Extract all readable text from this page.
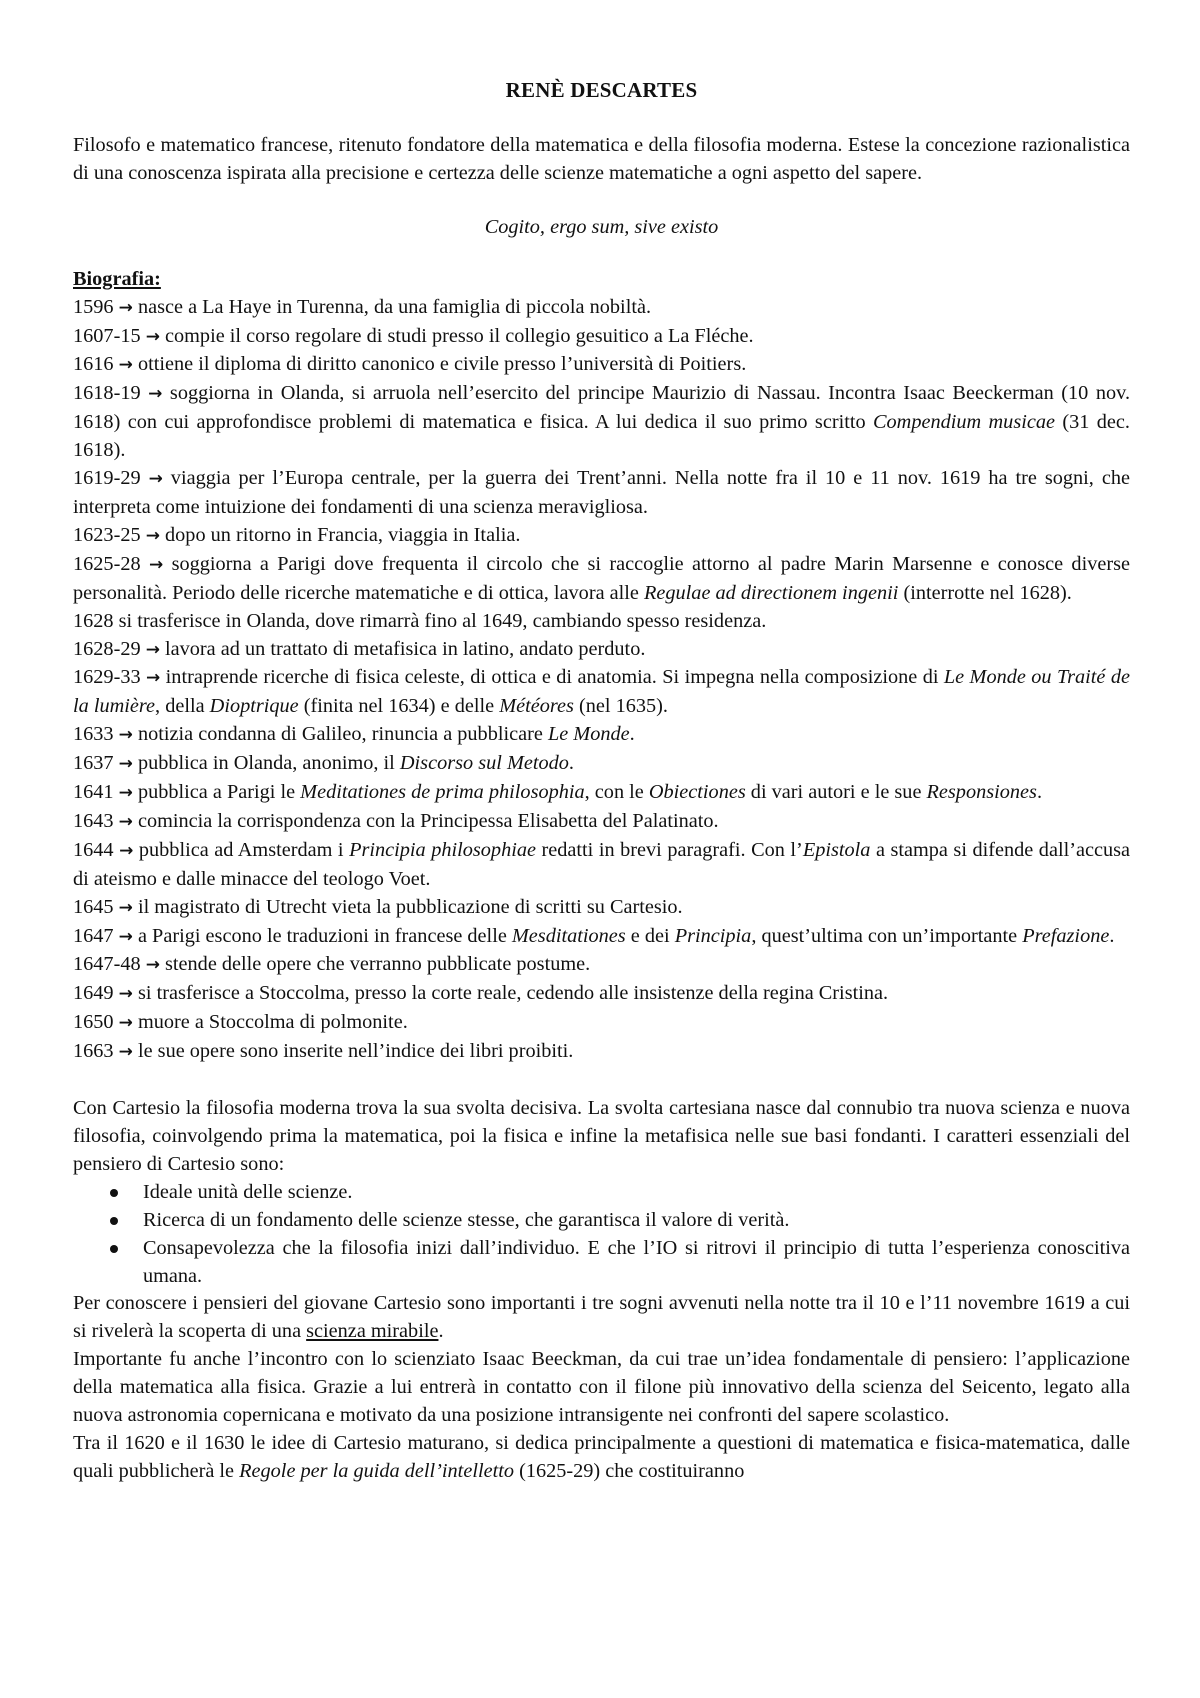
RENÈ DESCARTES

Filosofo e matematico francese, ritenuto fondatore della matematica e della filosofia moderna. Estese la concezione razionalistica di una conoscenza ispirata alla precisione e certezza delle scienze matematiche a ogni aspetto del sapere.

Cogito, ergo sum, sive existo

Biografia:

1596 → nasce a La Haye in Turenna, da una famiglia di piccola nobiltà.

1607-15 → compie il corso regolare di studi presso il collegio gesuitico a La Fléche.

1616 → ottiene il diploma di diritto canonico e civile presso l’università di Poitiers.

1618-19 → soggiorna in Olanda, si arruola nell’esercito del principe Maurizio di Nassau. Incontra Isaac Beeckerman (10 nov. 1618) con cui approfondisce problemi di matematica e fisica. A lui dedica il suo primo scritto Compendium musicae (31 dec. 1618).

1619-29 → viaggia per l’Europa centrale, per la guerra dei Trent’anni. Nella notte fra il 10 e 11 nov. 1619 ha tre sogni, che interpreta come intuizione dei fondamenti di una scienza meravigliosa.

1623-25 → dopo un ritorno in Francia, viaggia in Italia.

1625-28 → soggiorna a Parigi dove frequenta il circolo che si raccoglie attorno al padre Marin Marsenne e conosce diverse personalità. Periodo delle ricerche matematiche e di ottica, lavora alle Regulae ad directionem ingenii (interrotte nel 1628).

1628 si trasferisce in Olanda, dove rimarrà fino al 1649, cambiando spesso residenza.

1628-29 → lavora ad un trattato di metafisica in latino, andato perduto.

1629-33 → intraprende ricerche di fisica celeste, di ottica e di anatomia. Si impegna nella composizione di Le Monde ou Traité de la lumière, della Dioptrique (finita nel 1634) e delle Météores (nel 1635).

1633 → notizia condanna di Galileo, rinuncia a pubblicare Le Monde.

1637 → pubblica in Olanda, anonimo, il Discorso sul Metodo.

1641 → pubblica a Parigi le Meditationes de prima philosophia, con le Obiectiones di vari autori e le sue Responsiones.

1643 → comincia la corrispondenza con la Principessa Elisabetta del Palatinato.

1644 → pubblica ad Amsterdam i Principia philosophiae redatti in brevi paragrafi. Con l’Epistola a stampa si difende dall’accusa di ateismo e dalle minacce del teologo Voet.

1645 → il magistrato di Utrecht vieta la pubblicazione di scritti su Cartesio.

1647 → a Parigi escono le traduzioni in francese delle Mesditationes e dei Principia, quest’ultima con un’importante Prefazione.

1647-48 → stende delle opere che verranno pubblicate postume.

1649 → si trasferisce a Stoccolma, presso la corte reale, cedendo alle insistenze della regina Cristina.

1650 → muore a Stoccolma di polmonite.

1663 → le sue opere sono inserite nell’indice dei libri proibiti.

Con Cartesio la filosofia moderna trova la sua svolta decisiva. La svolta cartesiana nasce dal connubio tra nuova scienza e nuova filosofia, coinvolgendo prima la matematica, poi la fisica e infine la metafisica nelle sue basi fondanti. I caratteri essenziali del pensiero di Cartesio sono:

Ideale unità delle scienze.
Ricerca di un fondamento delle scienze stesse, che garantisca il valore di verità.
Consapevolezza che la filosofia inizi dall’individuo. E che l’IO si ritrovi il principio di tutta l’esperienza conoscitiva umana.

Per conoscere i pensieri del giovane Cartesio sono importanti i tre sogni avvenuti nella notte tra il 10 e l’11 novembre 1619 a cui si rivelerà la scoperta di una scienza mirabile.

Importante fu anche l’incontro con lo scienziato Isaac Beeckman, da cui trae un’idea fondamentale di pensiero: l’applicazione della matematica alla fisica. Grazie a lui entrerà in contatto con il filone più innovativo della scienza del Seicento, legato alla nuova astronomia copernicana e motivato da una posizione intransigente nei confronti del sapere scolastico.

Tra il 1620 e il 1630 le idee di Cartesio maturano, si dedica principalmente a questioni di matematica e fisica-matematica, dalle quali pubblicherà le Regole per la guida dell’intelletto (1625-29) che costituiranno
